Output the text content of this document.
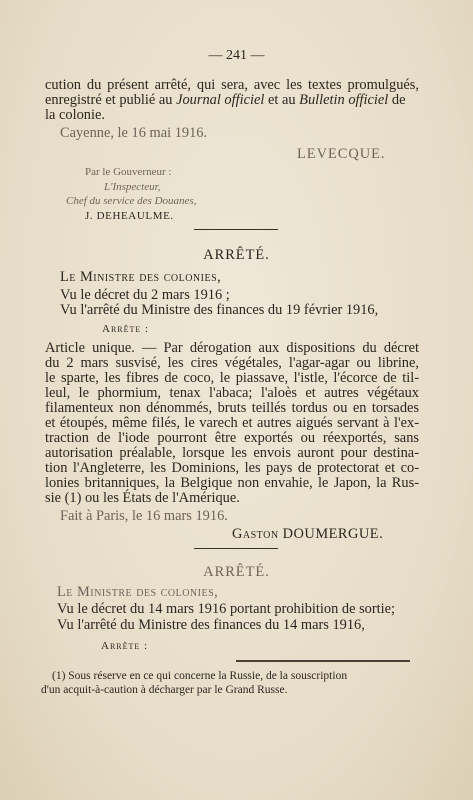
— 241 —
cution du présent arrêté, qui sera, avec les textes promulgués,
enregistré et publié au Journal officiel et au Bulletin officiel de
la colonie.
Cayenne, le 16 mai 1916.
LEVECQUE.
Par le Gouverneur :
L'Inspecteur,
Chef du service des Douanes,
J. DEHEAULME.
ARRÊTÉ.
Le Ministre des colonies,
Vu le décret du 2 mars 1916 ;
Vu l'arrêté du Ministre des finances du 19 février 1916,
Arrête :
Article unique. — Par dérogation aux dispositions du décret
du 2 mars susvisé, les cires végétales, l'agar-agar ou librine,
le sparte, les fibres de coco, le piassave, l'istle, l'écorce de til-
leul, le phormium, tenax l'abaca; l'aloès et autres végétaux
filamenteux non dénommés, bruts teillés tordus ou en torsades
et étoupés, même filés, le varech et autres aigués servant à l'ex-
traction de l'iode pourront être exportés ou réexportés, sans
autorisation préalable, lorsque les envois auront pour destina-
tion l'Angleterre, les Dominions, les pays de protectorat et co-
lonies britanniques, la Belgique non envahie, le Japon, la Rus-
sie (1) ou les États de l'Amérique.
Fait à Paris, le 16 mars 1916.
Gaston DOUMERGUE.
ARRÊTÉ.
Le Ministre des colonies,
Vu le décret du 14 mars 1916 portant prohibition de sortie;
Vu l'arrêté du Ministre des finances du 14 mars 1916,
Arrête :
(1) Sous réserve en ce qui concerne la Russie, de la souscription
d'un acquit-à-caution à décharger par le Grand Russe.
